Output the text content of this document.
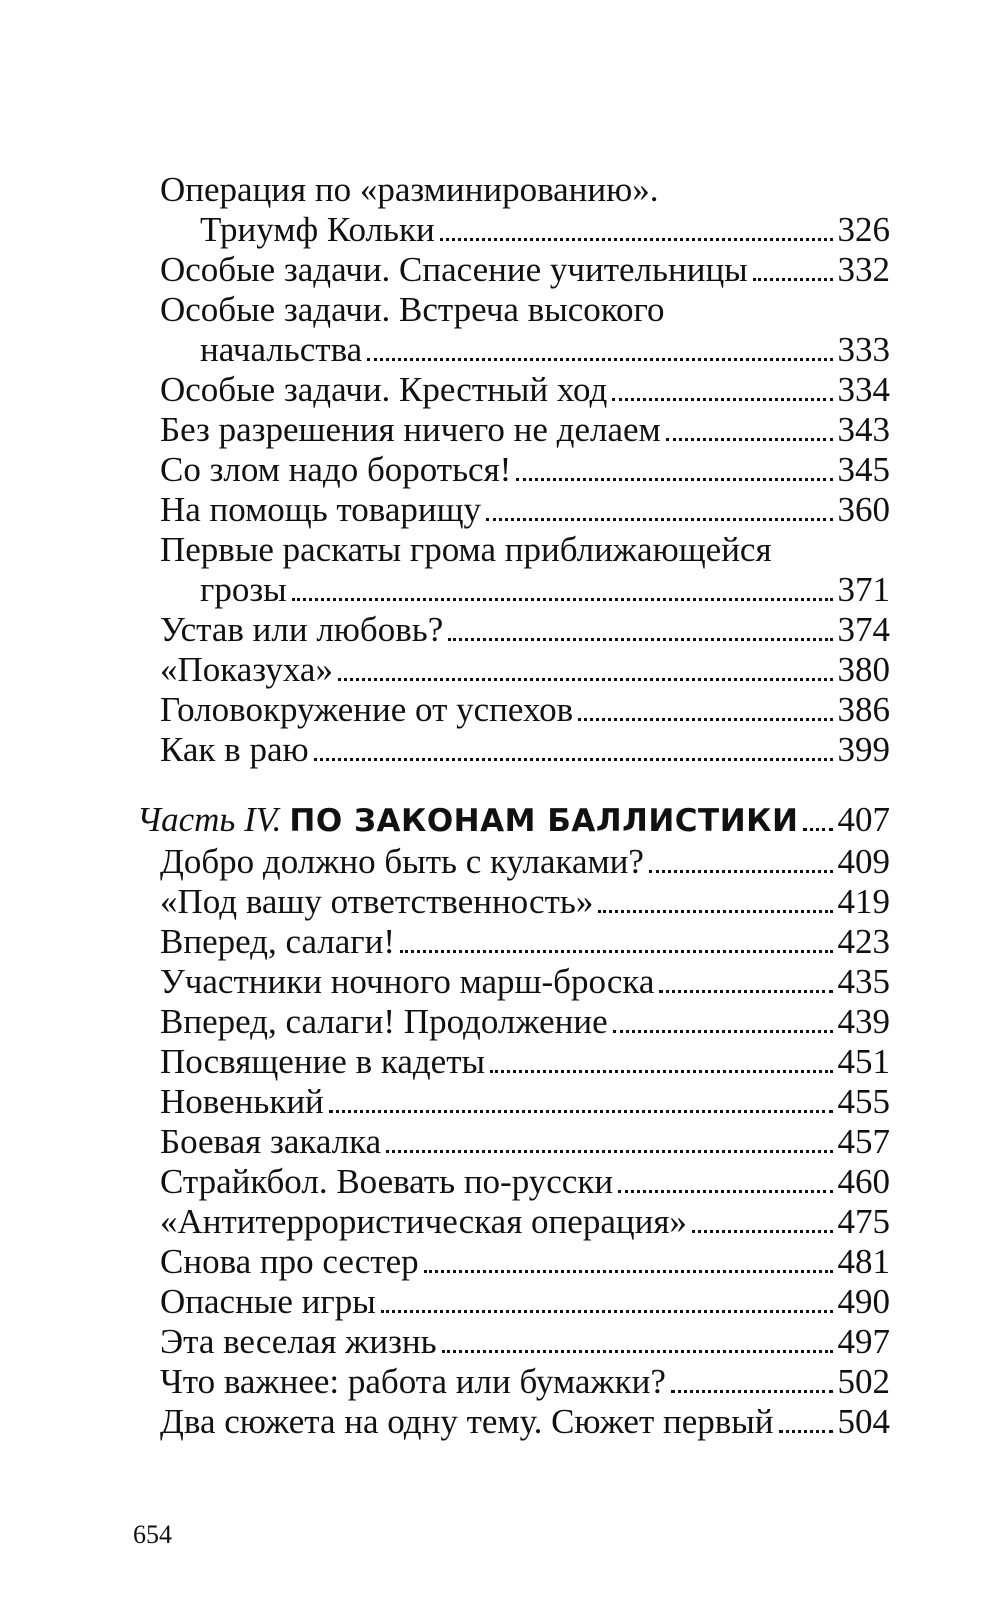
Операция по «разминированию».
Триумф Кольки	326
Особые задачи. Спасение учительницы	332
Особые задачи. Встреча высокого
начальства	333
Особые задачи. Крестный ход	334
Без разрешения ничего не делаем	343
Со злом надо бороться!	345
На помощь товарищу	360
Первые раскаты грома приближающейся
грозы	371
Устав или любовь?	374
«Показуха»	380
Головокружение от успехов	386
Как в раю	399
Часть IV. ПО ЗАКОНАМ БАЛЛИСТИКИ 407
Добро должно быть с кулаками?	409
«Под вашу ответственность»	419
Вперед, салаги!	423
Участники ночного марш-броска	435
Вперед, салаги! Продолжение	439
Посвящение в кадеты	451
Новенький	455
Боевая закалка	457
Страйкбол. Воевать по-русски	460
«Антитеррористическая операция»	475
Снова про сестер	481
Опасные игры	490
Эта веселая жизнь	497
Что важнее: работа или бумажки?	502
Два сюжета на одну тему. Сюжет первый 504
654
